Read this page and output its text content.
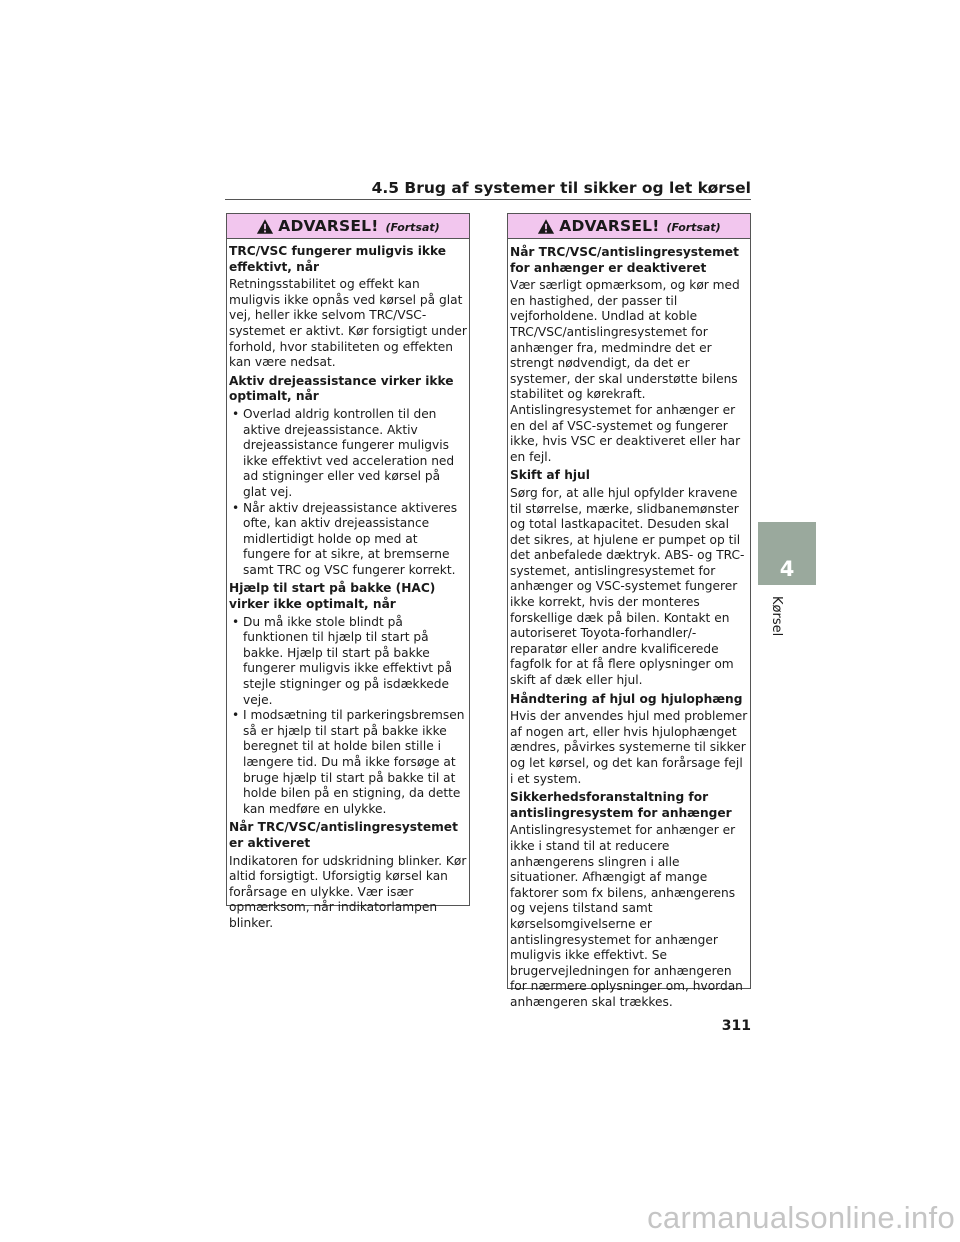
4.5 Brug af systemer til sikker og let kørsel
ADVARSEL! (Fortsat)
TRC/VSC fungerer muligvis ikke effektivt, når

Retningsstabilitet og effekt kan muligvis ikke opnås ved kørsel på glat vej, heller ikke selvom TRC/VSC-systemet er aktivt. Kør forsigtigt under forhold, hvor stabiliteten og effekten kan være nedsat.

Aktiv drejeassistance virker ikke optimalt, når
• Overlad aldrig kontrollen til den aktive drejeassistance. Aktiv drejeassistance fungerer muligvis ikke effektivt ved acceleration ned ad stigninger eller ved kørsel på glat vej.
• Når aktiv drejeassistance aktiveres ofte, kan aktiv drejeassistance midlertidigt holde op med at fungere for at sikre, at bremserne samt TRC og VSC fungerer korrekt.
Hjælp til start på bakke (HAC) virker ikke optimalt, når
• Du må ikke stole blindt på funktionen til hjælp til start på bakke. Hjælp til start på bakke fungerer muligvis ikke effektivt på stejle stigninger og på isdækkede veje.
• I modsætning til parkeringsbremsen så er hjælp til start på bakke ikke beregnet til at holde bilen stille i længere tid. Du må ikke forsøge at bruge hjælp til start på bakke til at holde bilen på en stigning, da dette kan medføre en ulykke.
Når TRC/VSC/antislingresystemet er aktiveret

Indikatoren for udskridning blinker. Kør altid forsigtigt. Uforsigtig kørsel kan forårsage en ulykke. Vær især opmærksom, når indikatorlampen blinker.

ADVARSEL! (Fortsat)
Når TRC/VSC/antislingresystemet for anhænger er deaktiveret

Vær særligt opmærksom, og kør med en hastighed, der passer til vejforholdene. Undlad at koble TRC/VSC/antislingresystemet for anhænger fra, medmindre det er strengt nødvendigt, da det er systemer, der skal understøtte bilens stabilitet og kørekraft. Antislingresystemet for anhænger er en del af VSC-systemet og fungerer ikke, hvis VSC er deaktiveret eller har en fejl.

Skift af hjul

Sørg for, at alle hjul opfylder kravene til størrelse, mærke, slidbanemønster og total lastkapacitet. Desuden skal det sikres, at hjulene er pumpet op til det anbefalede dæktryk. ABS- og TRC-systemet, antislingresystemet for anhænger og VSC-systemet fungerer ikke korrekt, hvis der monteres forskellige dæk på bilen. Kontakt en autoriseret Toyota-forhandler/-reparatør eller andre kvalificerede fagfolk for at få flere oplysninger om skift af dæk eller hjul.

Håndtering af hjul og hjulophæng

Hvis der anvendes hjul med problemer af nogen art, eller hvis hjulophænget ændres, påvirkes systemerne til sikker og let kørsel, og det kan forårsage fejl i et system.

Sikkerhedsforanstaltning for antislingresystem for anhænger

Antislingresystemet for anhænger er ikke i stand til at reducere anhængerens slingren i alle situationer. Afhængigt af mange faktorer som fx bilens, anhængerens og vejens tilstand samt kørselsomgivelserne er antislingresystemet for anhænger muligvis ikke effektivt. Se brugervejledningen for anhængeren for nærmere oplysninger om, hvordan anhængeren skal trækkes.

4
Kørsel
311
carmanualsonline.info
